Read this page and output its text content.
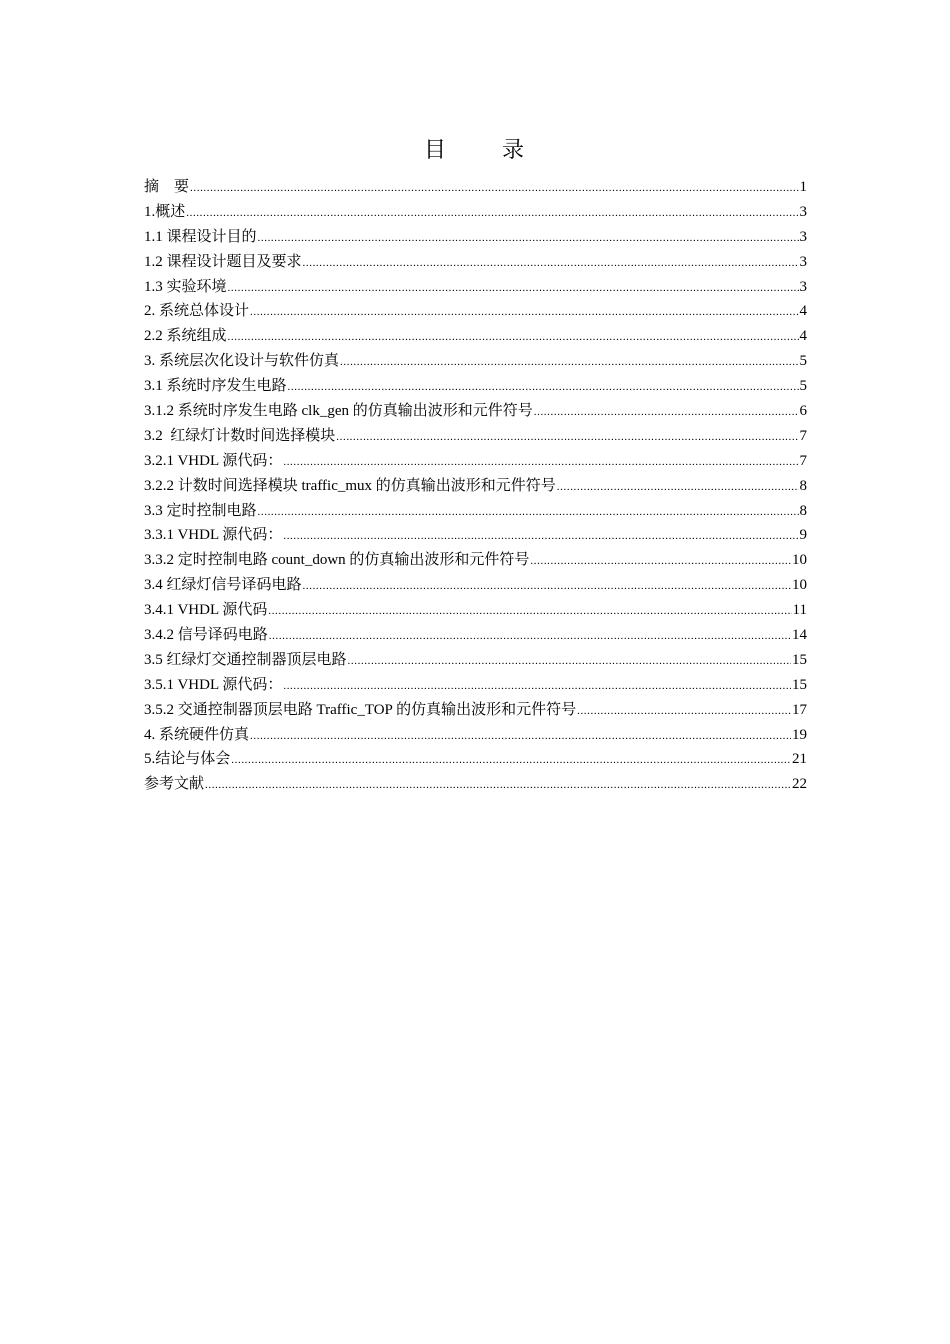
目      录
摘    要 .....	1
1.概述 .....	3
1.1 课程设计目的 .....	3
1.2 课程设计题目及要求 .....	3
1.3 实验环境 .....	3
2. 系统总体设计 .....	4
2.2 系统组成 .....	4
3. 系统层次化设计与软件仿真 .....	5
3.1 系统时序发生电路 .....	5
3.1.2 系统时序发生电路 clk_gen 的仿真输出波形和元件符号 .....	6
3.2  红绿灯计数时间选择模块 .....	7
3.2.1 VHDL 源代码： .....	7
3.2.2 计数时间选择模块 traffic_mux 的仿真输出波形和元件符号 .....	8
3.3 定时控制电路 .....	8
3.3.1 VHDL 源代码： .....	9
3.3.2 定时控制电路 count_down 的仿真输出波形和元件符号 .....	10
3.4 红绿灯信号译码电路 .....	10
3.4.1 VHDL 源代码 .....	11
3.4.2 信号译码电路 .....	14
3.5 红绿灯交通控制器顶层电路 .....	15
3.5.1 VHDL 源代码： .....	15
3.5.2 交通控制器顶层电路 Traffic_TOP 的仿真输出波形和元件符号 .....	17
4. 系统硬件仿真 .....	19
5.结论与体会 .....	21
参考文献 .....	22
